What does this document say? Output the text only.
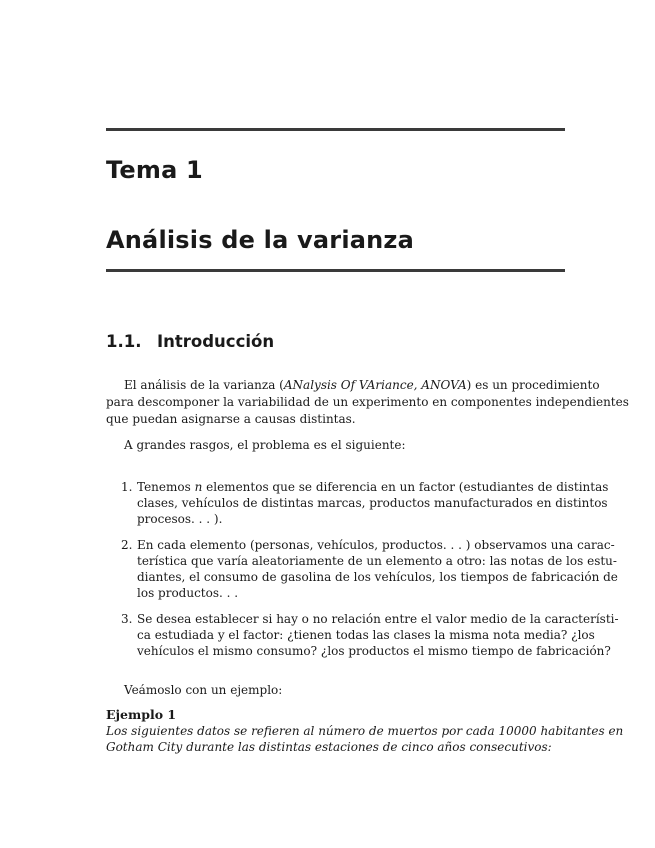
Tema 1
Análisis de la varianza
1.1. Introducción
El análisis de la varianza (ANalysis Of VAriance, ANOVA) es un procedimiento
para descomponer la variabilidad de un experimento en componentes independientes
que puedan asignarse a causas distintas.
A grandes rasgos, el problema es el siguiente:
1. Tenemos n elementos que se diferencia en un factor (estudiantes de distintas
clases, vehículos de distintas marcas, productos manufacturados en distintos
procesos. . . ).
2. En cada elemento (personas, vehículos, productos. . . ) observamos una carac-
terística que varía aleatoriamente de un elemento a otro: las notas de los estu-
diantes, el consumo de gasolina de los vehículos, los tiempos de fabricación de
los productos. . .
3. Se desea establecer si hay o no relación entre el valor medio de la característi-
ca estudiada y el factor: ¿tienen todas las clases la misma nota media? ¿los
vehículos el mismo consumo? ¿los productos el mismo tiempo de fabricación?
Veámoslo con un ejemplo:
Ejemplo 1
Los siguientes datos se refieren al número de muertos por cada 10000 habitantes en
Gotham City durante las distintas estaciones de cinco años consecutivos:
